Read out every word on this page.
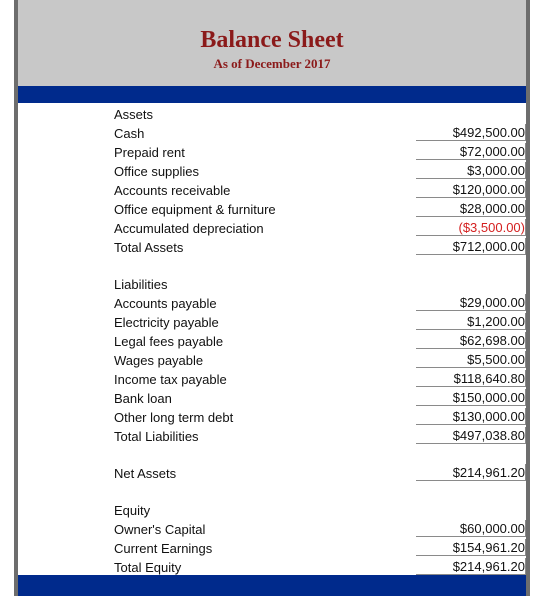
Balance Sheet
As of December 2017
Assets
Cash	$492,500.00
Prepaid rent	$72,000.00
Office supplies	$3,000.00
Accounts receivable	$120,000.00
Office equipment & furniture	$28,000.00
Accumulated depreciation	($3,500.00)
Total Assets	$712,000.00
Liabilities
Accounts payable	$29,000.00
Electricity payable	$1,200.00
Legal fees payable	$62,698.00
Wages payable	$5,500.00
Income tax payable	$118,640.80
Bank loan	$150,000.00
Other long term debt	$130,000.00
Total Liabilities	$497,038.80
Net Assets	$214,961.20
Equity
Owner's Capital	$60,000.00
Current Earnings	$154,961.20
Total Equity	$214,961.20
